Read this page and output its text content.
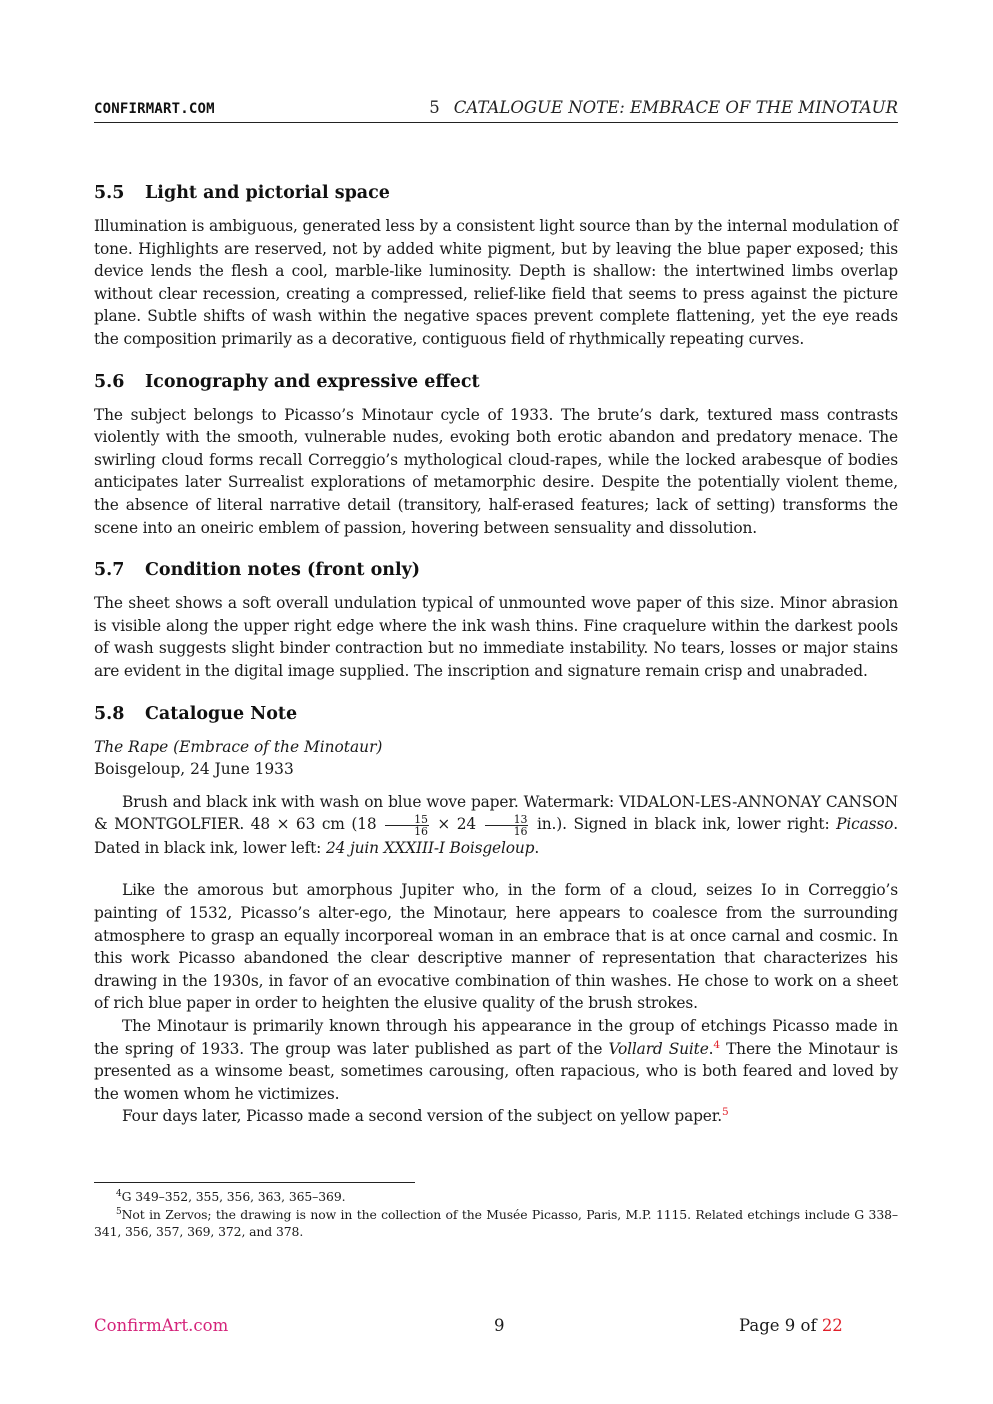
CONFIRMART.COM	5 CATALOGUE NOTE: EMBRACE OF THE MINOTAUR
5.5 Light and pictorial space

Illumination is ambiguous, generated less by a consistent light source than by the internal modulation of tone. Highlights are reserved, not by added white pigment, but by leaving the blue paper exposed; this device lends the flesh a cool, marble-like luminosity. Depth is shallow: the intertwined limbs overlap without clear recession, creating a compressed, relief-like field that seems to press against the picture plane. Subtle shifts of wash within the negative spaces prevent complete flattening, yet the eye reads the composition primarily as a decorative, contiguous field of rhythmically repeating curves.

5.6 Iconography and expressive effect

The subject belongs to Picasso’s Minotaur cycle of 1933. The brute’s dark, textured mass contrasts violently with the smooth, vulnerable nudes, evoking both erotic abandon and predatory menace. The swirling cloud forms recall Correggio’s mythological cloud-rapes, while the locked arabesque of bodies anticipates later Surrealist explorations of metamorphic desire. Despite the potentially violent theme, the absence of literal narrative detail (transitory, half-erased features; lack of setting) transforms the scene into an oneiric emblem of passion, hovering between sensuality and dissolution.

5.7 Condition notes (front only)

The sheet shows a soft overall undulation typical of unmounted wove paper of this size. Minor abrasion is visible along the upper right edge where the ink wash thins. Fine craquelure within the darkest pools of wash suggests slight binder contraction but no immediate instability. No tears, losses or major stains are evident in the digital image supplied. The inscription and signature remain crisp and unabraded.

5.8 Catalogue Note

The Rape (Embrace of the Minotaur)

Boisgeloup, 24 June 1933

Brush and black ink with wash on blue wove paper. Watermark: VIDALON-LES-ANNONAY CANSON & MONTGOLFIER. 48 × 63 cm $(18 \frac{15}{16} \times 24 \frac{13}{16} in.)$. Signed in black ink, lower right: Picasso. Dated in black ink, lower left: 24 juin XXXIII-I Boisgeloup.

Like the amorous but amorphous Jupiter who, in the form of a cloud, seizes Io in Correggio’s painting of 1532, Picasso’s alter-ego, the Minotaur, here appears to coalesce from the surrounding atmosphere to grasp an equally incorporeal woman in an embrace that is at once carnal and cosmic. In this work Picasso abandoned the clear descriptive manner of representation that characterizes his drawing in the 1930s, in favor of an evocative combination of thin washes. He chose to work on a sheet of rich blue paper in order to heighten the elusive quality of the brush strokes.

The Minotaur is primarily known through his appearance in the group of etchings Picasso made in the spring of 1933. The group was later published as part of the Vollard Suite.$^4$ There the Minotaur is presented as a winsome beast, sometimes carousing, often rapacious, who is both feared and loved by the women whom he victimizes.

Four days later, Picasso made a second version of the subject on yellow paper.$^5$

$^4$G 349–352, 355, 356, 363, 365–369.

$^5$Not in Zervos; the drawing is now in the collection of the Musée Picasso, Paris, M.P. 1115. Related etchings include G 338–341, 356, 357, 369, 372, and 378.

ConfirmArt.com	9	Page 9 of 22
